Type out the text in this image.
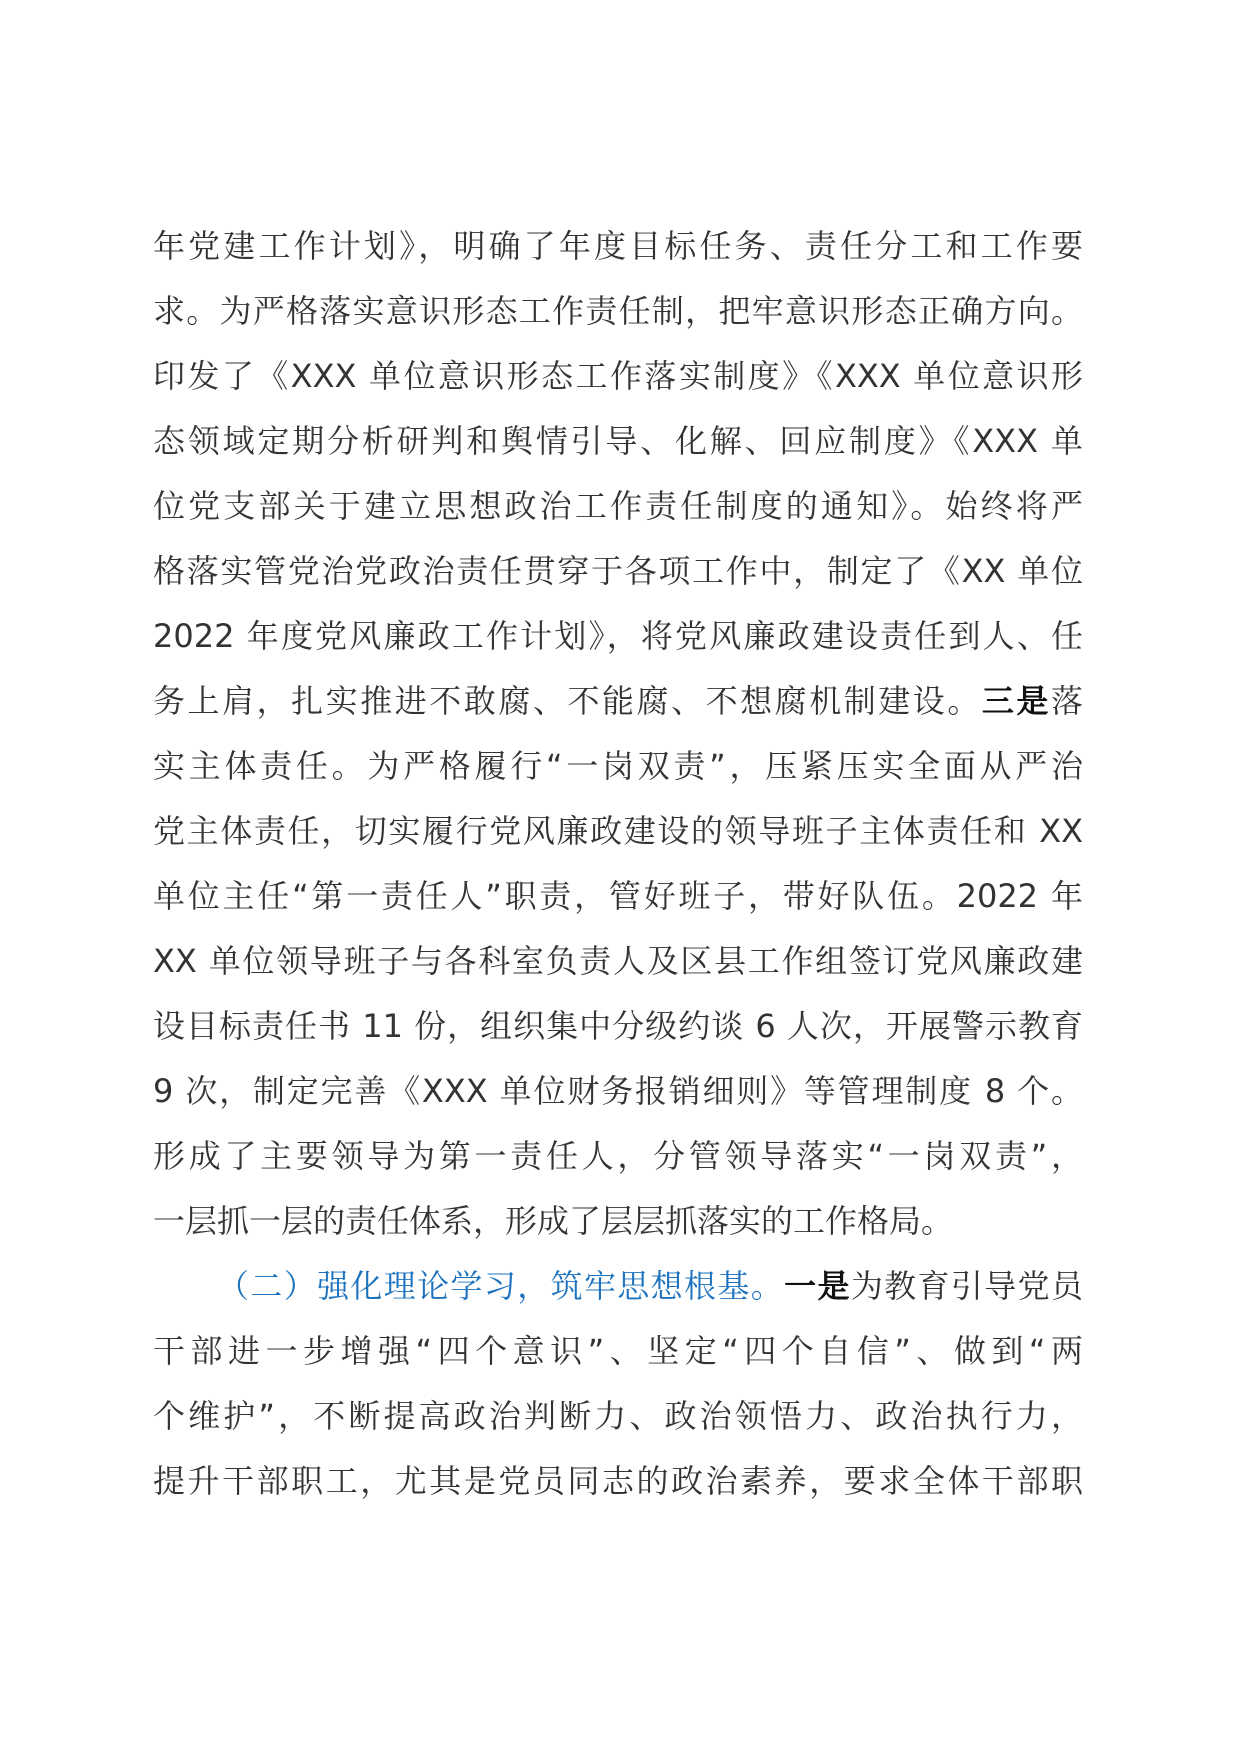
年党建工作计划》，明确了年度目标任务、责任分工和工作要
求。为严格落实意识形态工作责任制，把牢意识形态正确方向。
印发了《XXX 单位意识形态工作落实制度》《XXX 单位意识形
态领域定期分析研判和舆情引导、化解、回应制度》《XXX 单
位党支部关于建立思想政治工作责任制度的通知》。始终将严
格落实管党治党政治责任贯穿于各项工作中，制定了《XX 单位
2022 年度党风廉政工作计划》，将党风廉政建设责任到人、任
务上肩，扎实推进不敢腐、不能腐、不想腐机制建设。三是落
实主体责任。为严格履行“一岗双责”，压紧压实全面从严治
党主体责任，切实履行党风廉政建设的领导班子主体责任和 XX
单位主任“第一责任人”职责，管好班子，带好队伍。2022 年
XX 单位领导班子与各科室负责人及区县工作组签订党风廉政建
设目标责任书 11 份，组织集中分级约谈 6 人次，开展警示教育
9 次，制定完善《XXX 单位财务报销细则》等管理制度 8 个。
形成了主要领导为第一责任人，分管领导落实“一岗双责”，
一层抓一层的责任体系，形成了层层抓落实的工作格局。
（二）强化理论学习，筑牢思想根基。一是为教育引导党员
干部进一步增强“四个意识”、坚定“四个自信”、做到“两
个维护”，不断提高政治判断力、政治领悟力、政治执行力，
提升干部职工，尤其是党员同志的政治素养，要求全体干部职
